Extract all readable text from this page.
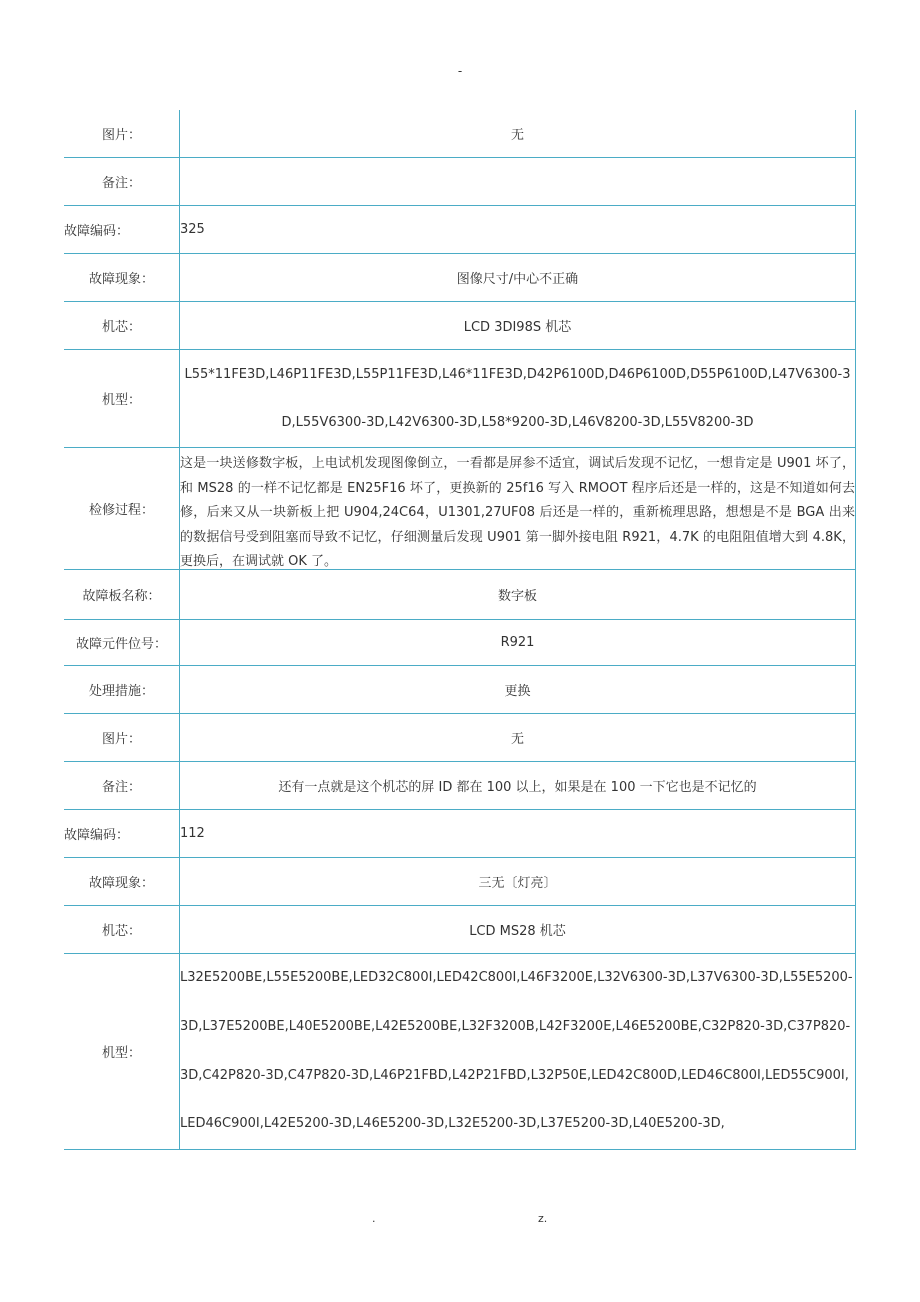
-
图片：	无
备注：
故障编码：	325
故障现象：	图像尺寸/中心不正确
机芯：	LCD 3DI98S 机芯
机型：
L55*11FE3D,L46P11FE3D,L55P11FE3D,L46*11FE3D,D42P6100D,D46P6100D,D55P6100D,L47V6300-3D,L55V6300-3D,L42V6300-3D,L58*9200-3D,L46V8200-3D,L55V8200-3D
检修过程：
这是一块送修数字板，上电试机发现图像倒立，一看都是屏参不适宜，调试后发现不记忆，一想肯定是 U901 坏了，和 MS28 的一样不记忆都是 EN25F16 坏了，更换新的 25f16 写入 RMOOT 程序后还是一样的，这是不知道如何去修，后来又从一块新板上把 U904,24C64，U1301,27UF08 后还是一样的，重新梳理思路，想想是不是 BGA 出来的数据信号受到阻塞而导致不记忆，仔细测量后发现 U901 第一脚外接电阻 R921，4.7K 的电阻阻值增大到 4.8K，更换后，在调试就 OK 了。
故障板名称：	数字板
故障元件位号：	R921
处理措施：	更换
图片：	无
备注：	还有一点就是这个机芯的屏 ID 都在 100 以上，如果是在 100 一下它也是不记忆的
故障编码：	112
故障现象：	三无〔灯亮〕
机芯：	LCD MS28 机芯
机型：
L32E5200BE,L55E5200BE,LED32C800I,LED42C800I,L46F3200E,L32V6300-3D,L37V6300-3D,L55E5200-3D,L37E5200BE,L40E5200BE,L42E5200BE,L32F3200B,L42F3200E,L46E5200BE,C32P820-3D,C37P820-3D,C42P820-3D,C47P820-3D,L46P21FBD,L42P21FBD,L32P50E,LED42C800D,LED46C800I,LED55C900I,LED46C900I,L42E5200-3D,L46E5200-3D,L32E5200-3D,L37E5200-3D,L40E5200-3D,
.	z.
